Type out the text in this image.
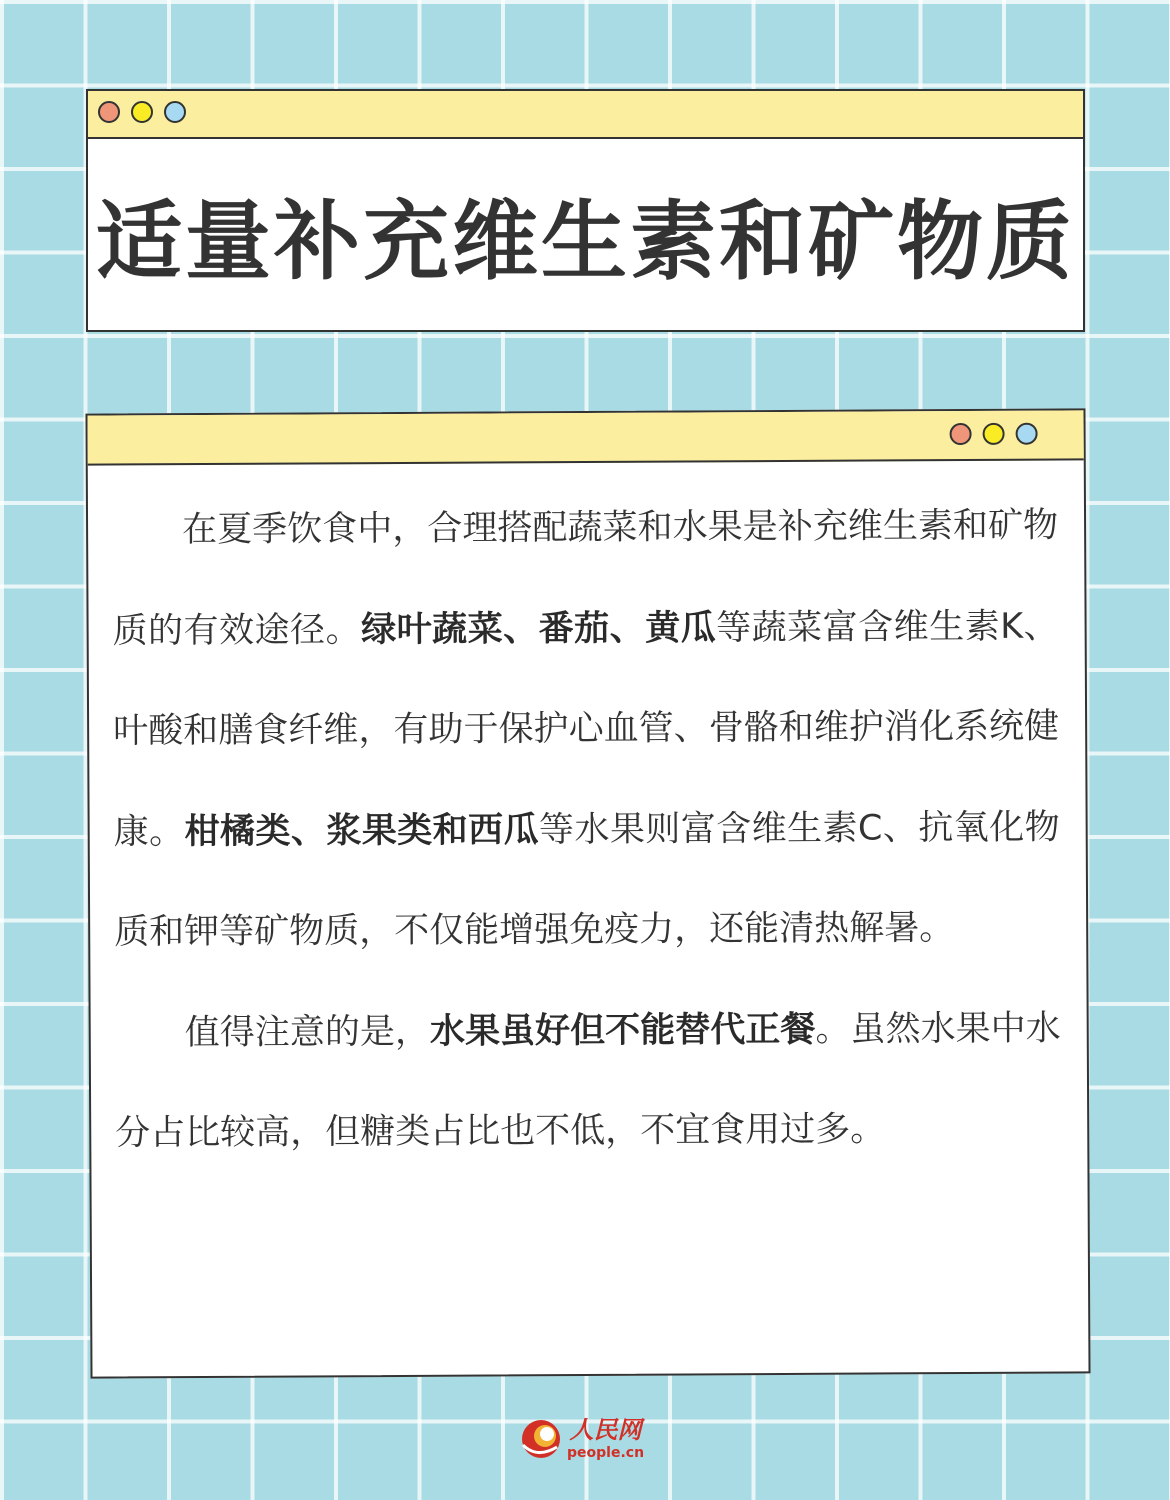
适量补充维生素和矿物质

在夏季饮食中，合理搭配蔬菜和水果是补充维生素和矿物质的有效途径。绿叶蔬菜、番茄、黄瓜等蔬菜富含维生素K、叶酸和膳食纤维，有助于保护心血管、骨骼和维护消化系统健康。柑橘类、浆果类和西瓜等水果则富含维生素C、抗氧化物质和钾等矿物质，不仅能增强免疫力，还能清热解暑。

值得注意的是，水果虽好但不能替代正餐。虽然水果中水分占比较高，但糖类占比也不低，不宜食用过多。

人民网
people.cn
